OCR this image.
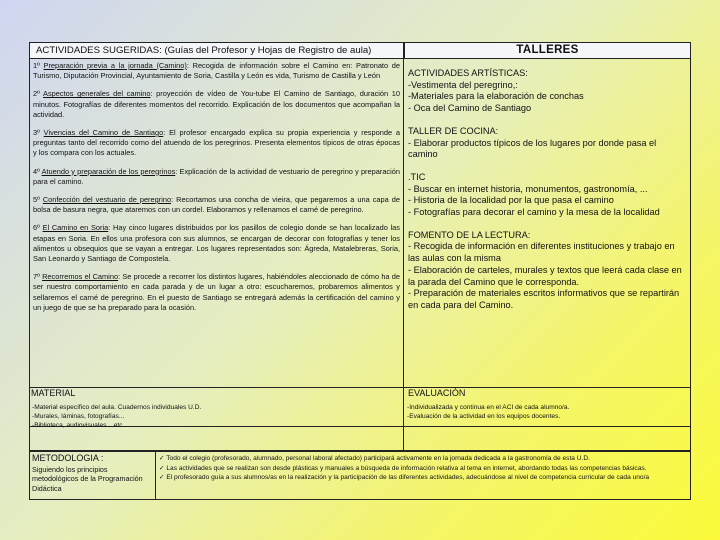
ACTIVIDADES SUGERIDAS: (Guías del Profesor y Hojas de Registro de aula)	TALLERES

1º Preparación previa a la jornada (Camino): Recogida de información sobre el Camino en: Patronato de Turismo, Diputación Provincial, Ayuntamiento de Soria, Castilla y León es vida, Turismo de Castilla y León

2º Aspectos generales del camino: proyección de vídeo de You-tube El Camino de Santiago, duración 10 minutos. Fotografías de diferentes momentos del recorrido. Explicación de los documentos que acompañan la actividad.

3º Vivencias del Camino de Santiago: El profesor encargado explica su propia experiencia y responde a preguntas tanto del recorrido como del atuendo de los peregrinos. Presenta elementos típicos de otras épocas y los compara con los actuales.

4º Atuendo y preparación de los peregrinos: Explicación de la actividad de vestuario de peregrino y preparación para el camino.

5º Confección del vestuario de peregrino: Recortamos una concha de vieira, que pegaremos a una capa de bolsa de basura negra, que ataremos con un cordel. Elaboramos y rellenamos el carné de peregrino.

6º El Camino en Soria: Hay cinco lugares distribuidos por los pasillos de colegio donde se han localizado las etapas en Soria. En ellos una profesora con sus alumnos, se encargan de decorar con fotografías y tener los alimentos u obsequios que se vayan a entregar. Los lugares representados son: Ágreda, Matalebreras, Soria, San Leonardo y Santiago de Compostela.

7º Recorremos el Camino: Se procede a recorrer los distintos lugares, habiéndoles aleccionado de cómo ha de ser nuestro comportamiento en cada parada y de un lugar a otro: escucharemos, probaremos alimentos y sellaremos el carné de peregrino. En el puesto de Santiago se entregará además la certificación del camino y un juego de que se ha preparado para la ocasión.

ACTIVIDADES ARTÍSTICAS:

-Vestimenta del peregrino,:

-Materiales para la elaboración de conchas

- Oca del Camino de Santiago

TALLER DE COCINA:

- Elaborar productos típicos de los lugares por donde pasa el camino

.TIC

- Buscar en internet historia, monumentos, gastronomía, ...

- Historia de la localidad por la que pasa el camino

- Fotografías para decorar el camino y la mesa de la localidad

FOMENTO DE LA LECTURA:

- Recogida de información en diferentes instituciones y trabajo en las aulas con la misma

- Elaboración de carteles, murales y textos que leerá cada clase en la parada del Camino que le corresponda.

- Preparación de materiales escritos informativos que se repartirán en cada para del Camino.

MATERIAL
-Material específico del aula. Cuadernos individuales U.D.
-Murales, láminas, fotografías...
-Biblioteca, audiovisuales....etc
EVALUACIÓN
-Individualizada y continua en el ACI de cada alumno/a.
-Evaluación de la actividad en los equipos docentes.
METODOLOGIA :
Siguiendo los principios metodológicos de la Programación Didáctica

✓ Todo el colegio (profesorado, alumnado, personal laboral afectado) participará activamente en la jornada dedicada a la gastronomía de esta U.D.

✓ Las actividades que se realizan son desde plásticas y manuales a búsqueda de información relativa al tema en internet, abordando todas las competencias básicas.

✓ El profesorado guía a sus alumnos/as en la realización y la participación de las diferentes actividades, adecuándose al nivel de competencia curricular de cada uno/a
